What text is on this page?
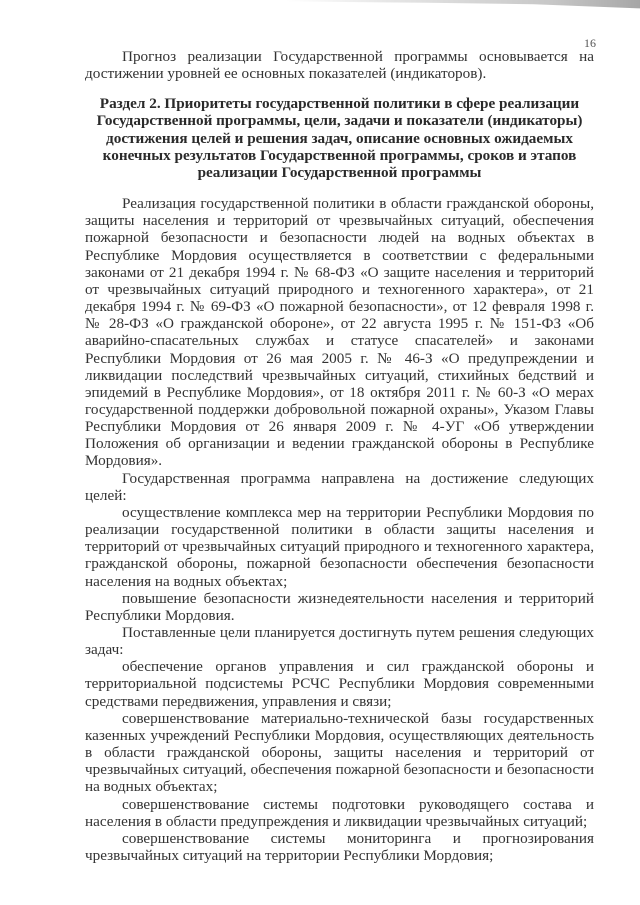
16

Прогноз реализации Государственной программы основывается на достижении уровней ее основных показателей (индикаторов).

Раздел 2. Приоритеты государственной политики в сфере реализации Государственной программы, цели, задачи и показатели (индикаторы) достижения целей и решения задач, описание основных ожидаемых конечных результатов Государственной программы, сроков и этапов реализации Государственной программы

Реализация государственной политики в области гражданской обороны, защиты населения и территорий от чрезвычайных ситуаций, обеспечения пожарной безопасности и безопасности людей на водных объектах в Республике Мордовия осуществляется в соответствии с федеральными законами от 21 декабря 1994 г. № 68-ФЗ «О защите населения и территорий от чрезвычайных ситуаций природного и техногенного характера», от 21 декабря 1994 г. № 69-ФЗ «О пожарной безопасности», от 12 февраля 1998 г. № 28-ФЗ «О гражданской обороне», от 22 августа 1995 г. № 151-ФЗ «Об аварийно-спасательных службах и статусе спасателей» и законами Республики Мордовия от 26 мая 2005 г. № 46-З «О предупреждении и ликвидации последствий чрезвычайных ситуаций, стихийных бедствий и эпидемий в Республике Мордовия», от 18 октября 2011 г. № 60-З «О мерах государственной поддержки добровольной пожарной охраны», Указом Главы Республики Мордовия от 26 января 2009 г. № 4-УГ «Об утверждении Положения об организации и ведении гражданской обороны в Республике Мордовия».

Государственная программа направлена на достижение следующих целей:

осуществление комплекса мер на территории Республики Мордовия по реализации государственной политики в области защиты населения и территорий от чрезвычайных ситуаций природного и техногенного характера, гражданской обороны, пожарной безопасности обеспечения безопасности населения на водных объектах;

повышение безопасности жизнедеятельности населения и территорий Республики Мордовия.

Поставленные цели планируется достигнуть путем решения следующих задач:

обеспечение органов управления и сил гражданской обороны и территориальной подсистемы РСЧС Республики Мордовия современными средствами передвижения, управления и связи;

совершенствование материально-технической базы государственных казенных учреждений Республики Мордовия, осуществляющих деятельность в области гражданской обороны, защиты населения и территорий от чрезвычайных ситуаций, обеспечения пожарной безопасности и безопасности на водных объектах;

совершенствование системы подготовки руководящего состава и населения в области предупреждения и ликвидации чрезвычайных ситуаций;

совершенствование системы мониторинга и прогнозирования чрезвычайных ситуаций на территории Республики Мордовия;
